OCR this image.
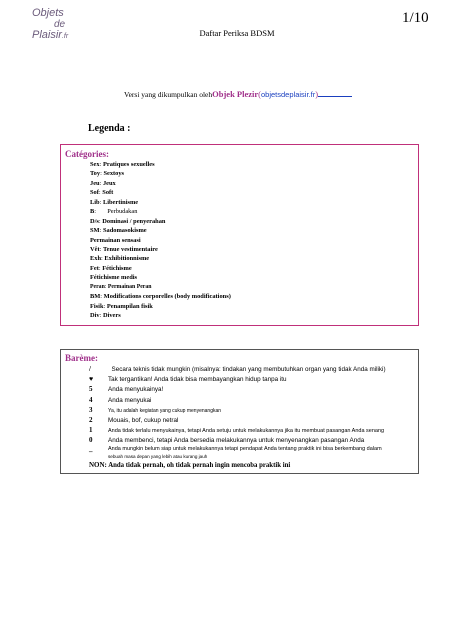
Objets
de
Plaisir.fr
1/10
Daftar Periksa BDSM
Versi yang dikumpulkan olehObjek Plezir(objetsdeplaisir.fr)
Legenda :
Catégories:
Sex: Pratiques sexuelles
Toy: Sextoys
Jeu: Jeux
Sof: Soft
Lib: Libertinisme
B:       Perbudakan
D/s: Dominasi / penyerahan
SM: Sadomasokisme
Permainan sensasi
Vêt: Tenue vestimentaire
Exh: Exhibitionnisme
Fet: Fétichisme
Fétichisme medis
Peran: Permainan Peran
BM: Modifications corporelles (body modifications)
Fisik: Penampilan fisik
Div: Divers
Barème:
/	Secara teknis tidak mungkin (misalnya: tindakan yang membutuhkan organ yang tidak Anda miliki)
♥ Tak tergantikan! Anda tidak bisa membayangkan hidup tanpa itu
5 Anda menyukainya!
4 Anda menyukai
3	Ya, itu adalah kegiatan yang cukup menyenangkan
2 Mouais, bof, cukup netral
1	Anda tidak terlalu menyukainya, tetapi Anda setuju untuk melakukannya jika itu membuat pasangan Anda senang
0 Anda membenci, tetapi Anda bersedia melakukannya untuk menyenangkan pasangan Anda
_	Anda mungkin belum siap untuk melakukannya tetapi pendapat Anda tentang praktik ini bisa berkembang dalam
sebuah masa depan yang lebih atau kurang jauh
NON: Anda tidak pernah, oh tidak pernah ingin mencoba praktik ini
